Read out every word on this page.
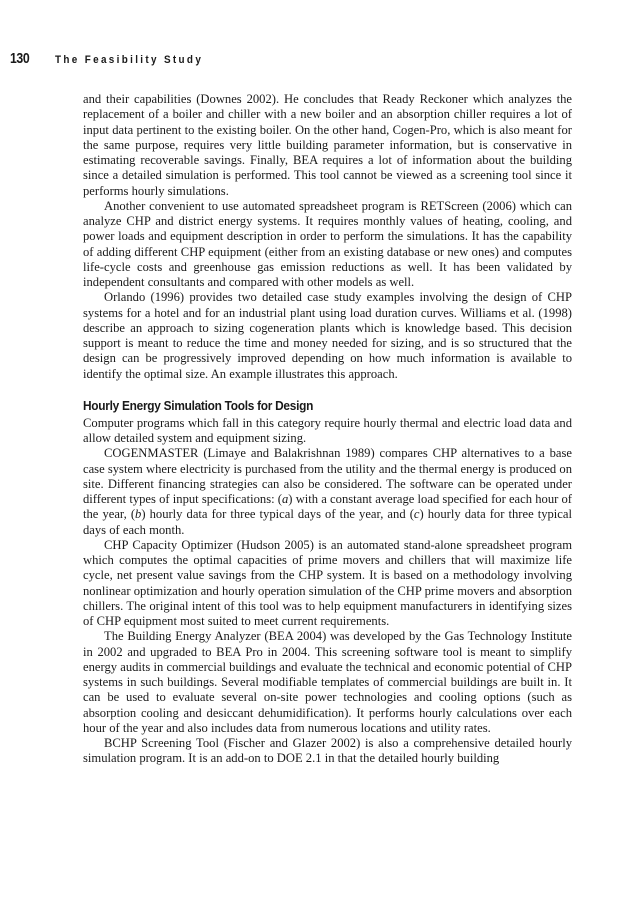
130	The Feasibility Study

and their capabilities (Downes 2002). He concludes that Ready Reckoner which analyzes the replacement of a boiler and chiller with a new boiler and an absorption chiller requires a lot of input data pertinent to the existing boiler. On the other hand, Cogen-Pro, which is also meant for the same purpose, requires very little building parameter information, but is conservative in estimating recoverable savings. Finally, BEA requires a lot of information about the building since a detailed simulation is performed. This tool cannot be viewed as a screening tool since it performs hourly simulations.

Another convenient to use automated spreadsheet program is RETScreen (2006) which can analyze CHP and district energy systems. It requires monthly values of heating, cooling, and power loads and equipment description in order to perform the simulations. It has the capability of adding different CHP equipment (either from an existing database or new ones) and computes life-cycle costs and greenhouse gas emission reductions as well. It has been validated by independent consultants and compared with other models as well.

Orlando (1996) provides two detailed case study examples involving the design of CHP systems for a hotel and for an industrial plant using load duration curves. Williams et al. (1998) describe an approach to sizing cogeneration plants which is knowledge based. This decision support is meant to reduce the time and money needed for sizing, and is so structured that the design can be progressively improved depending on how much information is available to identify the optimal size. An example illustrates this approach.

Hourly Energy Simulation Tools for Design

Computer programs which fall in this category require hourly thermal and electric load data and allow detailed system and equipment sizing.

COGENMASTER (Limaye and Balakrishnan 1989) compares CHP alternatives to a base case system where electricity is purchased from the utility and the thermal energy is produced on site. Different financing strategies can also be considered. The software can be operated under different types of input specifications: (a) with a constant average load specified for each hour of the year, (b) hourly data for three typical days of the year, and (c) hourly data for three typical days of each month.

CHP Capacity Optimizer (Hudson 2005) is an automated stand-alone spreadsheet program which computes the optimal capacities of prime movers and chillers that will maximize life cycle, net present value savings from the CHP system. It is based on a methodology involving nonlinear optimization and hourly operation simulation of the CHP prime movers and absorption chillers. The original intent of this tool was to help equipment manufacturers in identifying sizes of CHP equipment most suited to meet current requirements.

The Building Energy Analyzer (BEA 2004) was developed by the Gas Technology Institute in 2002 and upgraded to BEA Pro in 2004. This screening software tool is meant to simplify energy audits in commercial buildings and evaluate the technical and economic potential of CHP systems in such buildings. Several modifiable templates of commercial buildings are built in. It can be used to evaluate several on-site power technologies and cooling options (such as absorption cooling and desiccant dehumidification). It performs hourly calculations over each hour of the year and also includes data from numerous locations and utility rates.

BCHP Screening Tool (Fischer and Glazer 2002) is also a comprehensive detailed hourly simulation program. It is an add-on to DOE 2.1 in that the detailed hourly building
